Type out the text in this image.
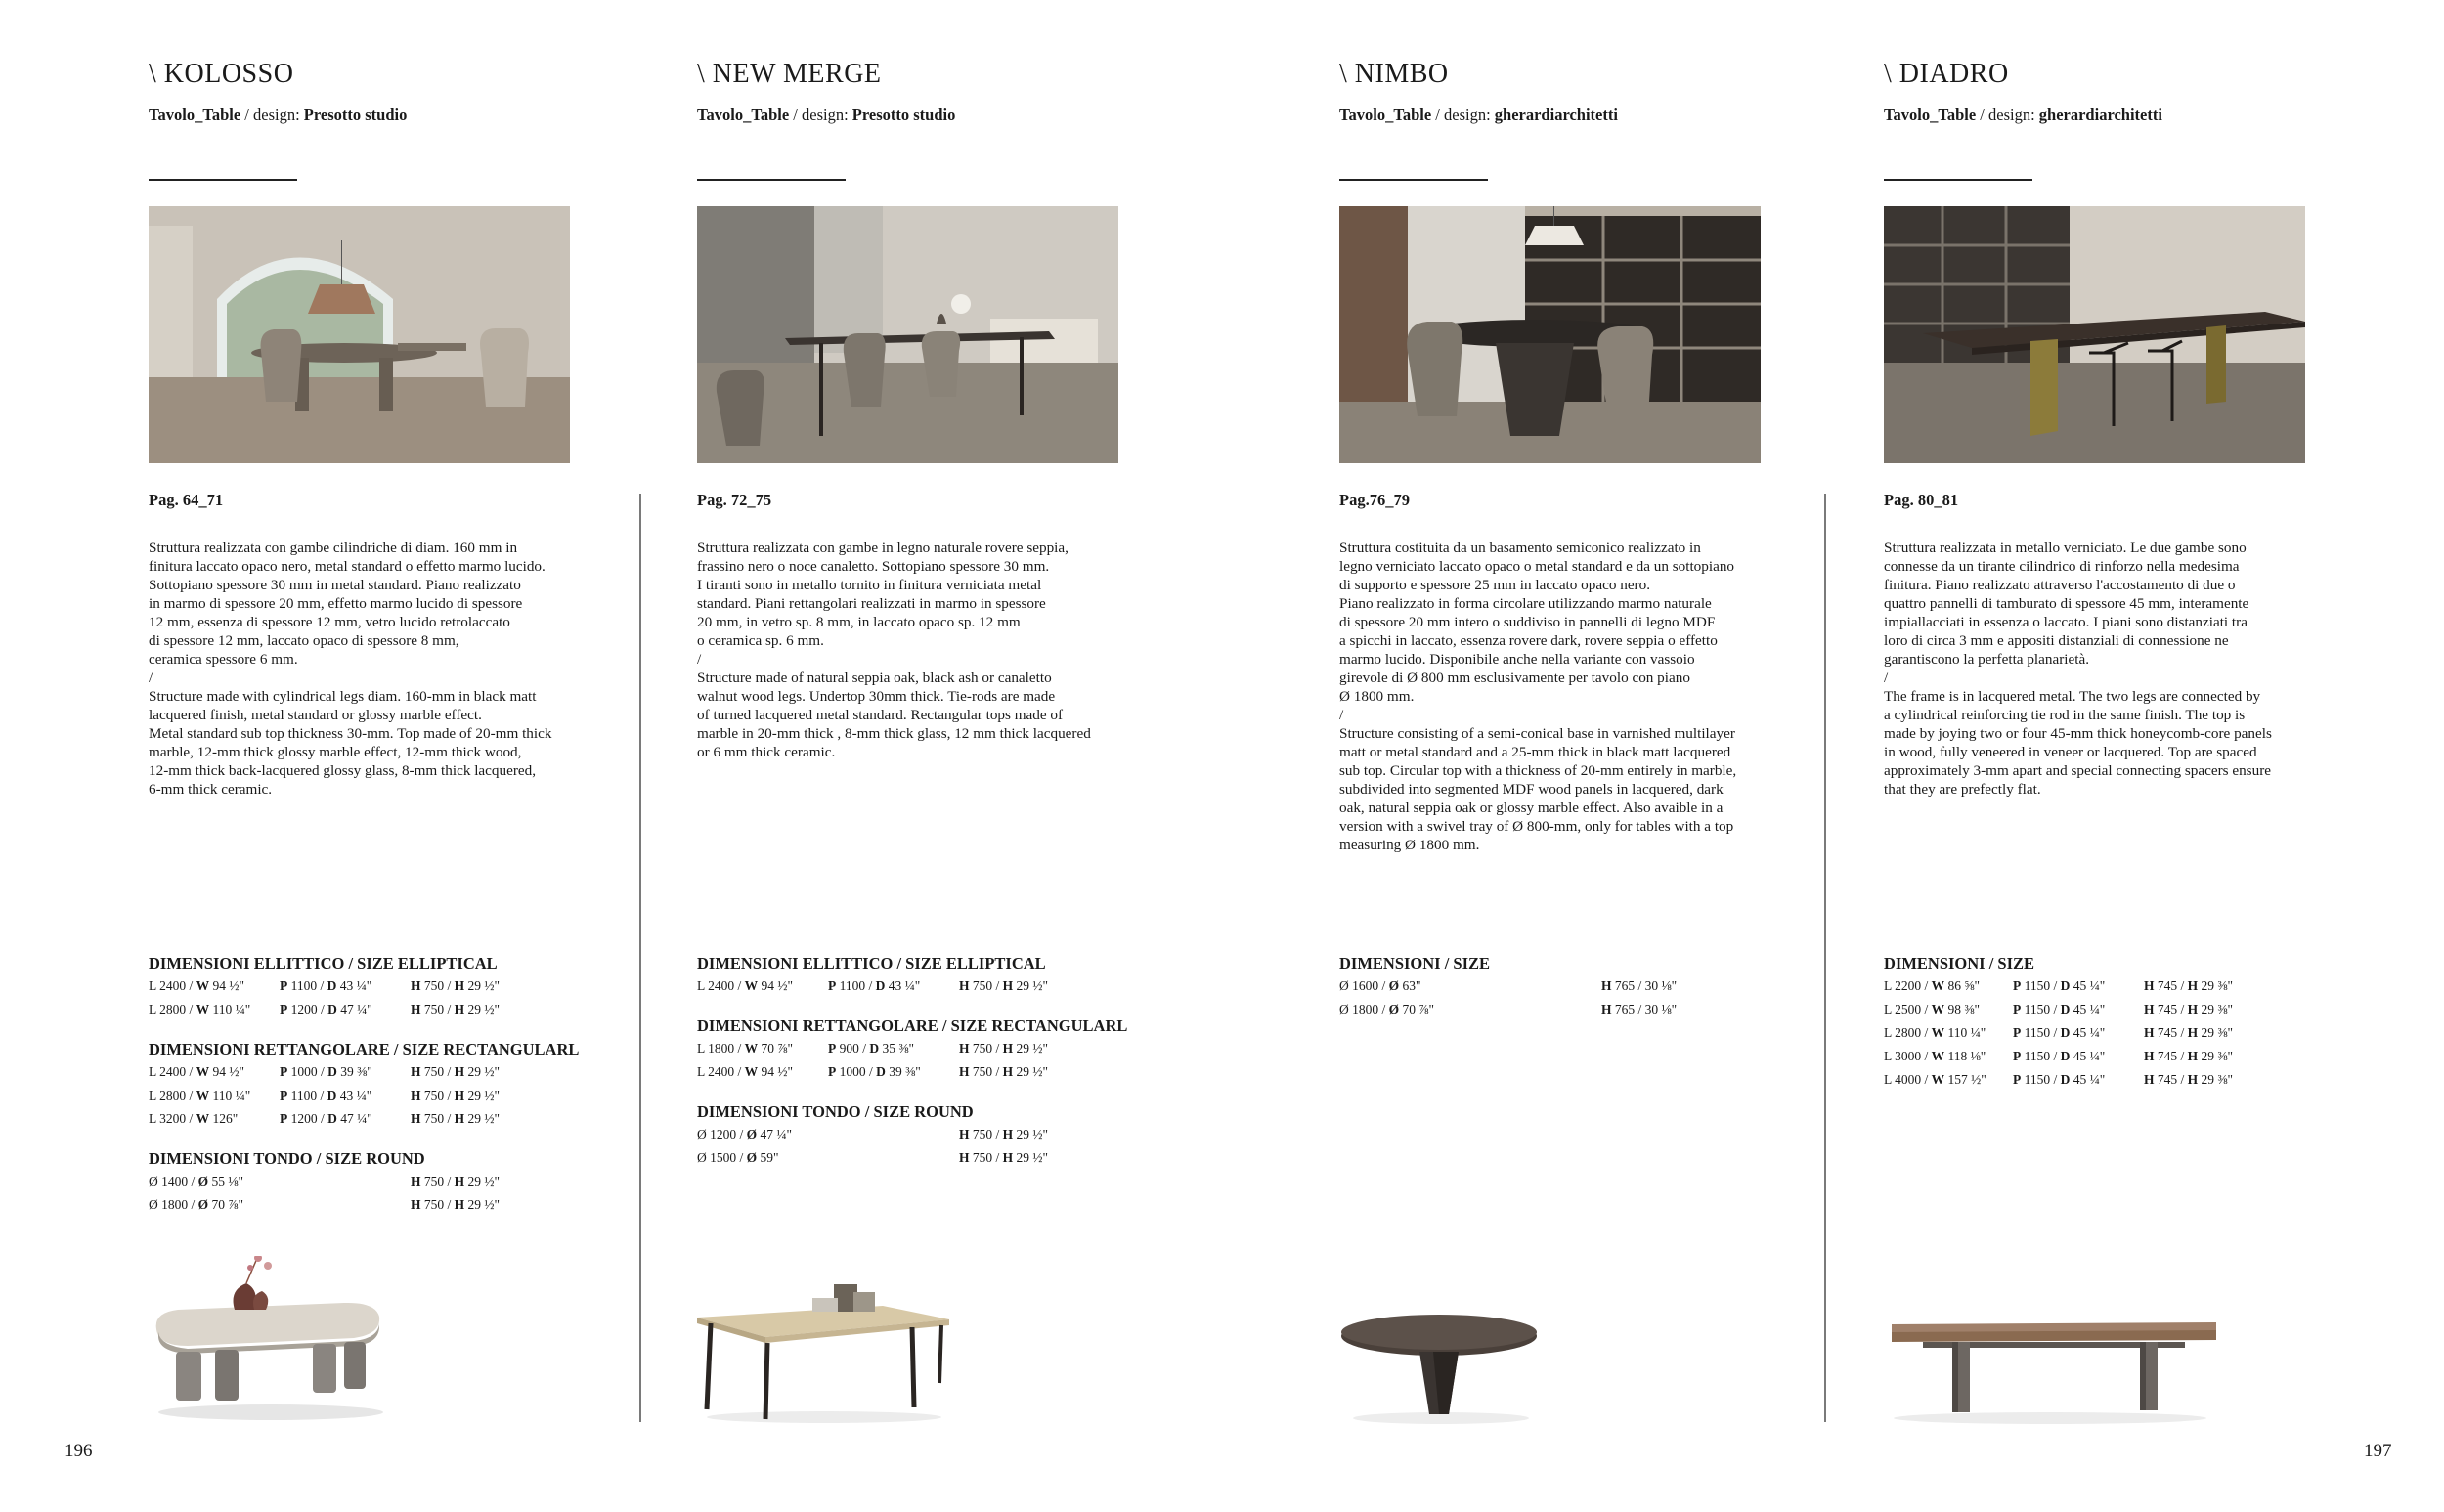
\ KOLOSSO
Tavolo_Table / design: Presotto studio
Pag. 64_71

Struttura realizzata con gambe cilindriche di diam. 160 mm in
finitura laccato opaco nero, metal standard o effetto marmo lucido.
Sottopiano spessore 30 mm in metal standard. Piano realizzato
in marmo di spessore 20 mm, effetto marmo lucido di spessore
12 mm, essenza di spessore 12 mm, vetro lucido retrolaccato
di spessore 12 mm, laccato opaco di spessore 8 mm,
ceramica spessore 6 mm.

/

Structure made with cylindrical legs diam. 160-mm in black matt
lacquered finish, metal standard or glossy marble effect.
Metal standard sub top thickness 30-mm. Top made of 20-mm thick
marble, 12-mm thick glossy marble effect, 12-mm thick wood,
12-mm thick back-lacquered glossy glass, 8-mm thick lacquered,
6-mm thick ceramic.

DIMENSIONI ELLITTICO / SIZE ELLIPTICAL
L 2400 / W 94 ½"	P 1100 / D 43 ¼"	H 750 / H 29 ½"
L 2800 / W 110 ¼" P 1200 / D 47 ¼"	H 750 / H 29 ½"
DIMENSIONI RETTANGOLARE / SIZE RECTANGULARL
L 2400 / W 94 ½"	P 1000 / D 39 ⅜"	H 750 / H 29 ½"
L 2800 / W 110 ¼" P 1100 / D 43 ¼"	H 750 / H 29 ½"
L 3200 / W 126"	P 1200 / D 47 ¼"	H 750 / H 29 ½"
DIMENSIONI TONDO / SIZE ROUND
Ø 1400 / Ø 55 ⅛"	H 750 / H 29 ½"
Ø 1800 / Ø 70 ⅞"	H 750 / H 29 ½"
\ NEW MERGE
Tavolo_Table / design: Presotto studio
Pag. 72_75

Struttura realizzata con gambe in legno naturale rovere seppia,
frassino nero o noce canaletto. Sottopiano spessore 30 mm.
I tiranti sono in metallo tornito in finitura verniciata metal
standard. Piani rettangolari realizzati in marmo in spessore
20 mm, in vetro sp. 8 mm, in laccato opaco sp. 12 mm
o ceramica sp. 6 mm.

/

Structure made of natural seppia oak, black ash or canaletto
walnut wood legs. Undertop 30mm thick. Tie-rods are made
of turned lacquered metal standard. Rectangular tops made of
marble in 20-mm thick , 8-mm thick glass, 12 mm thick lacquered
or 6 mm thick ceramic.

DIMENSIONI ELLITTICO / SIZE ELLIPTICAL
L 2400 / W 94 ½"	P 1100 / D 43 ¼"	H 750 / H 29 ½"
DIMENSIONI RETTANGOLARE / SIZE RECTANGULARL
L 1800 / W 70 ⅞"	P 900 / D 35 ⅜"	H 750 / H 29 ½"
L 2400 / W 94 ½"	P 1000 / D 39 ⅜"	H 750 / H 29 ½"
DIMENSIONI TONDO / SIZE ROUND
Ø 1200 / Ø 47 ¼"	H 750 / H 29 ½"
Ø 1500 / Ø 59"	H 750 / H 29 ½"
\ NIMBO
Tavolo_Table / design: gherardiarchitetti
Pag.76_79

Struttura costituita da un basamento semiconico realizzato in
legno verniciato laccato opaco o metal standard e da un sottopiano
di supporto e spessore 25 mm in laccato opaco nero.
Piano realizzato in forma circolare utilizzando marmo naturale
di spessore 20 mm intero o suddiviso in pannelli di legno MDF
a spicchi in laccato, essenza rovere dark, rovere seppia o effetto
marmo lucido. Disponibile anche nella variante con vassoio
girevole di Ø 800 mm esclusivamente per tavolo con piano
Ø 1800 mm.

/

Structure consisting of a semi-conical base in varnished multilayer
matt or metal standard and a 25-mm thick in black matt lacquered
sub top. Circular top with a thickness of 20-mm entirely in marble,
subdivided into segmented MDF wood panels in lacquered, dark
oak, natural seppia oak or glossy marble effect. Also avaible in a
version with a swivel tray of Ø 800-mm, only for tables with a top
measuring Ø 1800 mm.

DIMENSIONI / SIZE
Ø 1600 / Ø 63"	H 765 / 30 ⅛"
Ø 1800 / Ø 70 ⅞"	H 765 / 30 ⅛"
\ DIADRO
Tavolo_Table / design: gherardiarchitetti
Pag. 80_81

Struttura realizzata in metallo verniciato. Le due gambe sono
connesse da un tirante cilindrico di rinforzo nella medesima
finitura. Piano realizzato attraverso l'accostamento di due o
quattro pannelli di tamburato di spessore 45 mm, interamente
impiallacciati in essenza o laccato. I piani sono distanziati tra
loro di circa 3 mm e appositi distanziali di connessione ne
garantiscono la perfetta planarietà.

/

The frame is in lacquered metal. The two legs are connected by
a cylindrical reinforcing tie rod in the same finish. The top is
made by joying two or four 45-mm thick honeycomb-core panels
in wood, fully veneered in veneer or lacquered. Top are spaced
approximately 3-mm apart and special connecting spacers ensure
that they are prefectly flat.

DIMENSIONI / SIZE
L 2200 / W 86 ⅝"	P 1150 / D 45 ¼"	H 745 / H 29 ⅜"
L 2500 / W 98 ⅜"	P 1150 / D 45 ¼"	H 745 / H 29 ⅜"
L 2800 / W 110 ¼" P 1150 / D 45 ¼"	H 745 / H 29 ⅜"
L 3000 / W 118 ⅛" P 1150 / D 45 ¼"	H 745 / H 29 ⅜"
L 4000 / W 157 ½" P 1150 / D 45 ¼"	H 745 / H 29 ⅜"
196	197
